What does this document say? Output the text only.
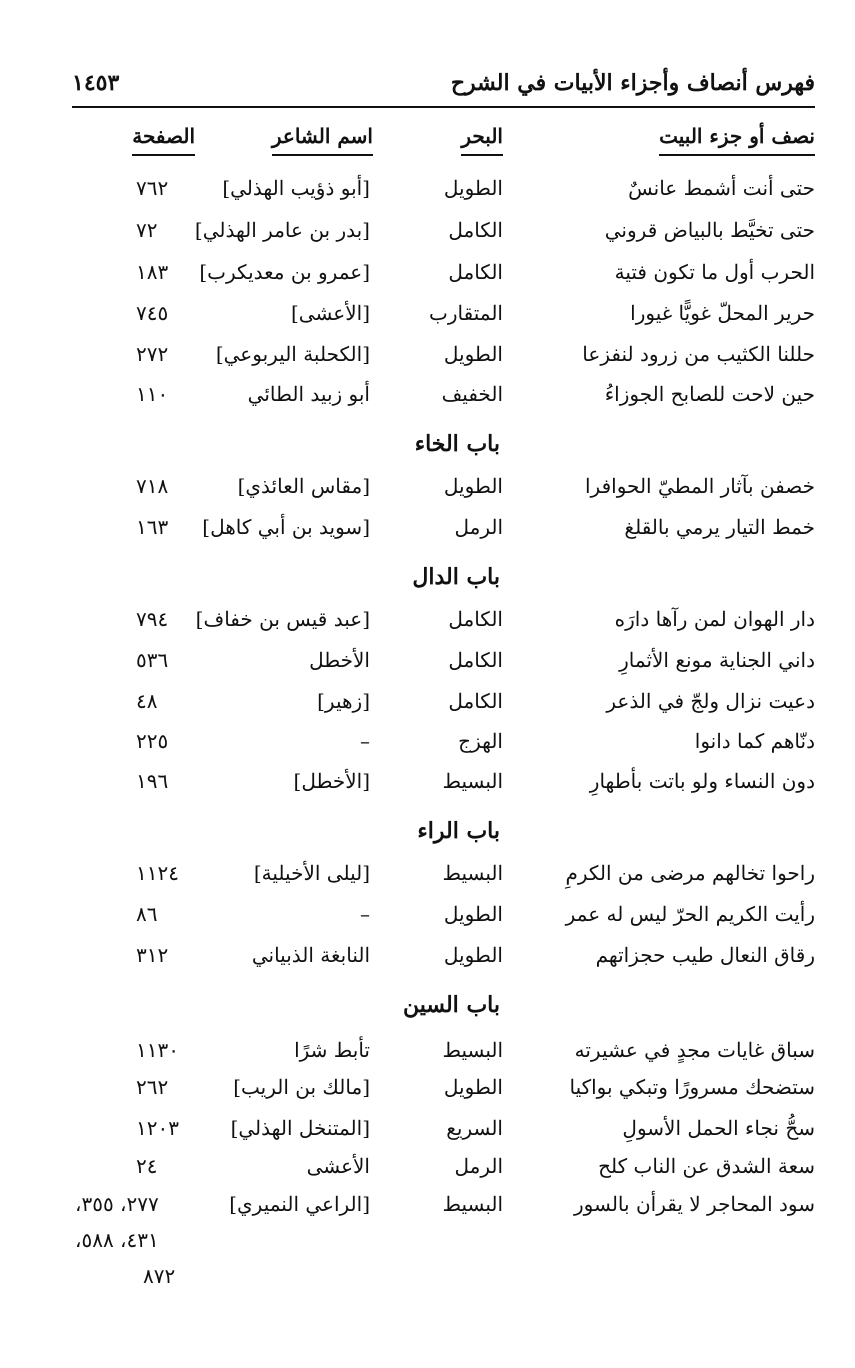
فهرس أنصاف وأجزاء الأبيات في الشرح
١٤٥٣
نصف أو جزء البيت
البحر
اسم الشاعر
الصفحة
حتى أنت أشمط عانسٌ
الطويل
[أبو ذؤيب الهذلي]
٧٦٢
حتى تخيَّط بالبياض قروني
الكامل
[بدر بن عامر الهذلي]
٧٢
الحرب أول ما تكون فتية
الكامل
[عمرو بن معديكرب]
١٨٣
حرير المحلّ غويًّا غيورا
المتقارب
[الأعشى]
٧٤٥
حللنا الكثيب من زرود لنفزعا
الطويل
[الكحلبة اليربوعي]
٢٧٢
حين لاحت للصابح الجوزاءُ
الخفيف
أبو زبيد الطائي
١١٠
باب الخاء
خصفن بآثار المطيّ الحوافرا
الطويل
[مقاس العائذي]
٧١٨
خمط التيار يرمي بالقلغ
الرمل
[سويد بن أبي كاهل]
١٦٣
باب الدال
دار الهوان لمن رآها دارَه
الكامل
[عبد قيس بن خفاف]
٧٩٤
داني الجناية مونع الأثمارِ
الكامل
الأخطل
٥٣٦
دعيت نزال ولجّ في الذعر
الكامل
[زهير]
٤٨
دنّاهم كما دانوا
الهزج
–
٢٢٥
دون النساء ولو باتت بأطهارِ
البسيط
[الأخطل]
١٩٦
باب الراء
راحوا تخالهم مرضى من الكرمِ
البسيط
[ليلى الأخيلية]
١١٢٤
رأيت الكريم الحرّ ليس له عمر
الطويل
–
٨٦
رقاق النعال طيب حجزاتهم
الطويل
النابغة الذبياني
٣١٢
باب السين
سباق غايات مجدٍ في عشيرته
البسيط
تأبط شرًا
١١٣٠
ستضحك مسرورًا وتبكي بواكيا
الطويل
[مالك بن الريب]
٢٦٢
سحُّ نجاء الحمل الأسولِ
السريع
[المتنخل الهذلي]
١٢٠٣
سعة الشدق عن الناب كلح
الرمل
الأعشى
٢٤
سود المحاجر لا يقرأن بالسور
البسيط
[الراعي النميري]
٢٧٧، ٣٥٥،
٤٣١، ٥٨٨،
٨٧٢
